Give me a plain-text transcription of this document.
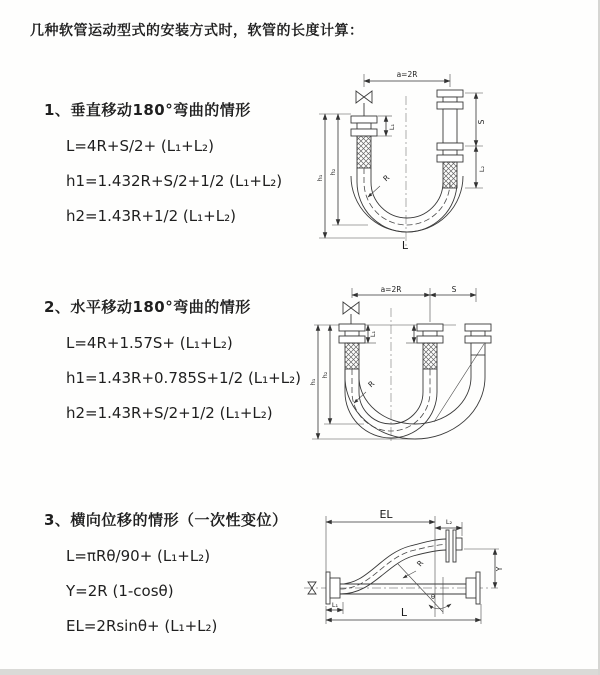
几种软管运动型式的安装方式时，软管的长度计算：
1、垂直移动180°弯曲的情形
L=4R+S/2+ (L₁+L₂)
h1=1.432R+S/2+1/2 (L₁+L₂)
h2=1.43R+1/2 (L₁+L₂)
2、水平移动180°弯曲的情形
L=4R+1.57S+ (L₁+L₂)
h1=1.43R+0.785S+1/2 (L₁+L₂)
h2=1.43R+S/2+1/2 (L₁+L₂)
3、横向位移的情形（一次性变位）
L=πRθ/90+ (L₁+L₂)
Y=2R (1-cosθ)
EL=2Rsinθ+ (L₁+L₂)
a=2R
S
L₂
L₁
h₁
h₂
R
L
a=2R	S
L₁
h₁
h₂
R
EL
L₂
Y
R
θ
L
L₁
